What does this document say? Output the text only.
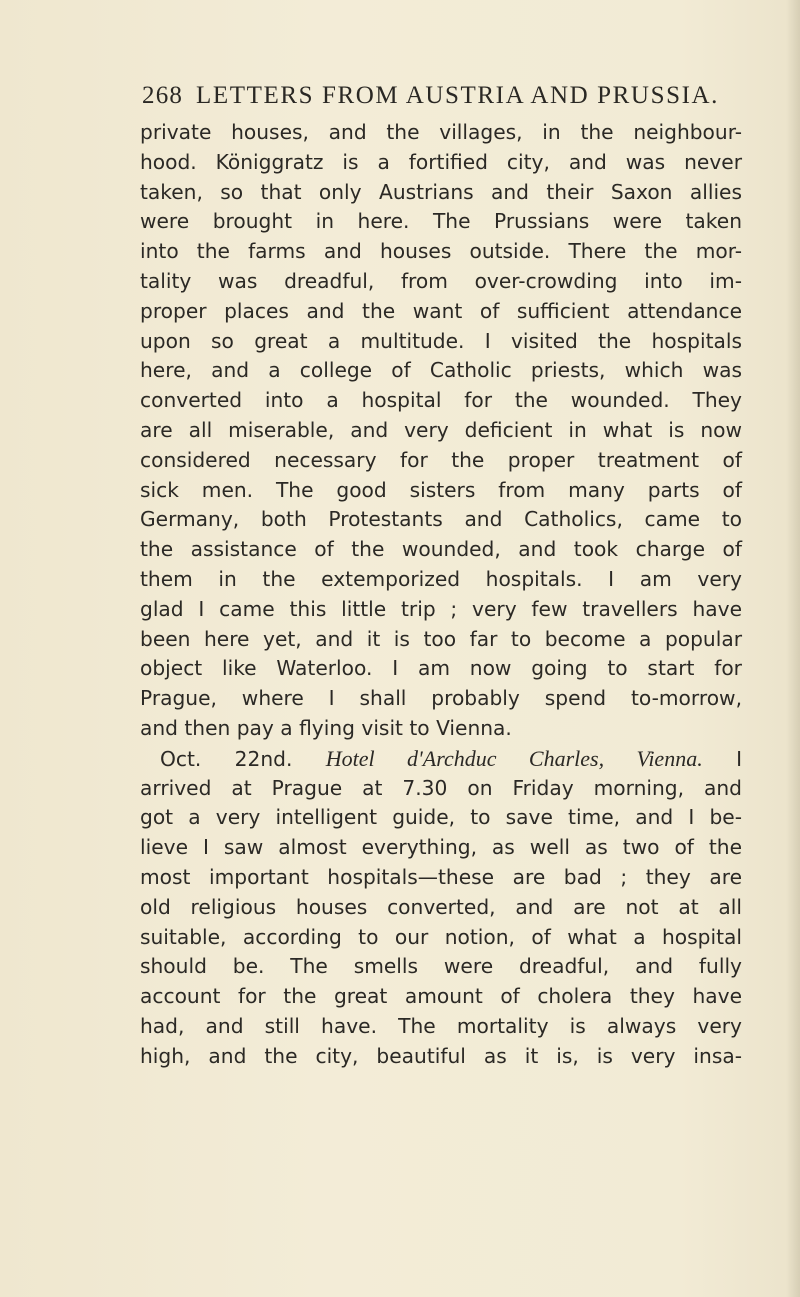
268 LETTERS FROM AUSTRIA AND PRUSSIA.
private houses, and the villages, in the neighbour-
hood. Königgratz is a fortified city, and was never
taken, so that only Austrians and their Saxon allies
were brought in here. The Prussians were taken
into the farms and houses outside. There the mor-
tality was dreadful, from over-crowding into im-
proper places and the want of sufficient attendance
upon so great a multitude. I visited the hospitals
here, and a college of Catholic priests, which was
converted into a hospital for the wounded. They
are all miserable, and very deficient in what is now
considered necessary for the proper treatment of
sick men. The good sisters from many parts of
Germany, both Protestants and Catholics, came to
the assistance of the wounded, and took charge of
them in the extemporized hospitals. I am very
glad I came this little trip ; very few travellers have
been here yet, and it is too far to become a popular
object like Waterloo. I am now going to start for
Prague, where I shall probably spend to-morrow,
and then pay a flying visit to Vienna.
Oct. 22nd. Hotel d'Archduc Charles, Vienna. I
arrived at Prague at 7.30 on Friday morning, and
got a very intelligent guide, to save time, and I be-
lieve I saw almost everything, as well as two of the
most important hospitals—these are bad ; they are
old religious houses converted, and are not at all
suitable, according to our notion, of what a hospital
should be. The smells were dreadful, and fully
account for the great amount of cholera they have
had, and still have. The mortality is always very
high, and the city, beautiful as it is, is very insa-
